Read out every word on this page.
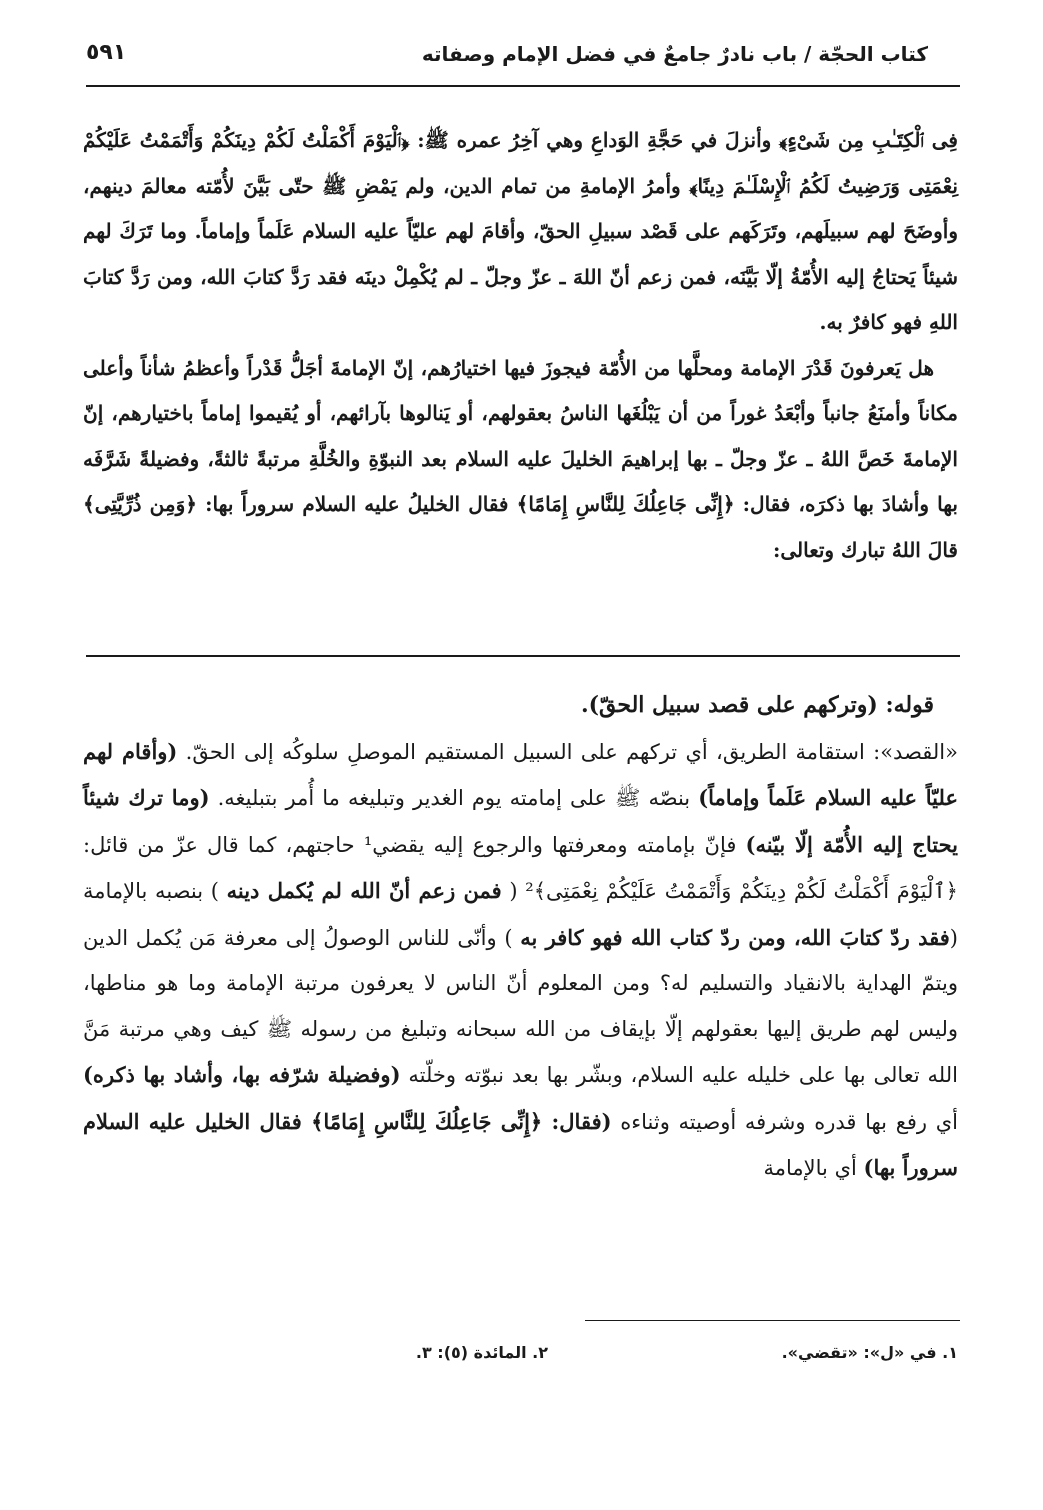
كتاب الحجّة / باب نادرٌ جامعٌ في فضل الإمام وصفاته
٥٩١

فِى ٱلْكِتَـٰبِ مِن شَىْءٍ﴾ وأنزلَ في حَجَّةِ الوَداعِ وهي آخِرُ عمره ﷺ: ﴿ٱلْيَوْمَ أَكْمَلْتُ لَكُمْ دِينَكُمْ وَأَتْمَمْتُ عَلَيْكُمْ نِعْمَتِى وَرَضِيتُ لَكُمُ ٱلْإِسْلَـٰمَ دِينًا﴾ وأمرُ الإمامةِ من تمام الدين، ولم يَمْضِ ﷺ حتّى بَيَّنَ لأُمّته معالمَ دينهم، وأوضَحَ لهم سبيلَهم، وتَرَكَهم على قَصْد سبيلِ الحقّ، وأقامَ لهم عليّاً عليه السلام عَلَماً وإماماً. وما تَرَكَ لهم شيئاً يَحتاجُ إليه الأُمّةُ إلّا بَيَّنَه، فمن زعم أنّ اللهَ ـ عزّ وجلّ ـ لم يُكْمِلْ دينَه فقد رَدَّ كتابَ الله، ومن رَدَّ كتابَ اللهِ فهو كافرٌ به.

هل يَعرفونَ قَدْرَ الإمامة ومحلَّها من الأُمّة فيجوزَ فيها اختيارُهم، إنّ الإمامةَ أجَلُّ قَدْراً وأعظمُ شأناً وأعلى مكاناً وأمنَعُ جانباً وأبْعَدُ غوراً من أن يَبْلُغَها الناسُ بعقولهم، أو يَنالوها بآرائهم، أو يُقيموا إماماً باختيارهم، إنّ الإمامةَ خَصَّ اللهُ ـ عزّ وجلّ ـ بها إبراهيمَ الخليلَ عليه السلام بعد النبوّةِ والخُلَّةِ مرتبةً ثالثةً، وفضيلةً شَرَّفَه بها وأشادَ بها ذكرَه، فقال: ﴿إِنِّى جَاعِلُكَ لِلنَّاسِ إِمَامًا﴾ فقال الخليلُ عليه السلام سروراً بها: ﴿وَمِن ذُرِّيَّتِى﴾ قالَ اللهُ تبارك وتعالى:

قوله: (وتركهم على قصد سبيل الحقّ).

«القصد»: استقامة الطريق، أي تركهم على السبيل المستقيم الموصلِ سلوكُه إلى الحقّ. (وأقام لهم عليّاً عليه السلام عَلَماً وإماماً) بنصّه ﷺ على إمامته يوم الغدير وتبليغه ما أُمر بتبليغه. (وما ترك شيئاً يحتاج إليه الأُمّة إلّا بيّنه) فإنّ بإمامته ومعرفتها والرجوع إليه يقضي¹ حاجتهم، كما قال عزّ من قائل: ﴿ٱلْيَوْمَ أَكْمَلْتُ لَكُمْ دِينَكُمْ وَأَتْمَمْتُ عَلَيْكُمْ نِعْمَتِى﴾² ( فمن زعم أنّ الله لم يُكمل دينه ) بنصبه بالإمامة (فقد ردّ كتابَ الله، ومن ردّ كتاب الله فهو كافر به ) وأنّى للناس الوصولُ إلى معرفة مَن يُكمل الدين ويتمّ الهداية بالانقياد والتسليم له؟ ومن المعلوم أنّ الناس لا يعرفون مرتبة الإمامة وما هو مناطها، وليس لهم طريق إليها بعقولهم إلّا بإيقاف من الله سبحانه وتبليغ من رسوله ﷺ كيف وهي مرتبة مَنَّ الله تعالى بها على خليله عليه السلام، وبشّر بها بعد نبوّته وخلّته (وفضيلة شرّفه بها، وأشاد بها ذكره) أي رفع بها قدره وشرفه أوصيته وثناءه (فقال: ﴿إِنِّى جَاعِلُكَ لِلنَّاسِ إِمَامًا﴾ فقال الخليل عليه السلام سروراً بها) أي بالإمامة

١. في «ل»: «تقضي».
٢. المائدة (٥): ٣.
